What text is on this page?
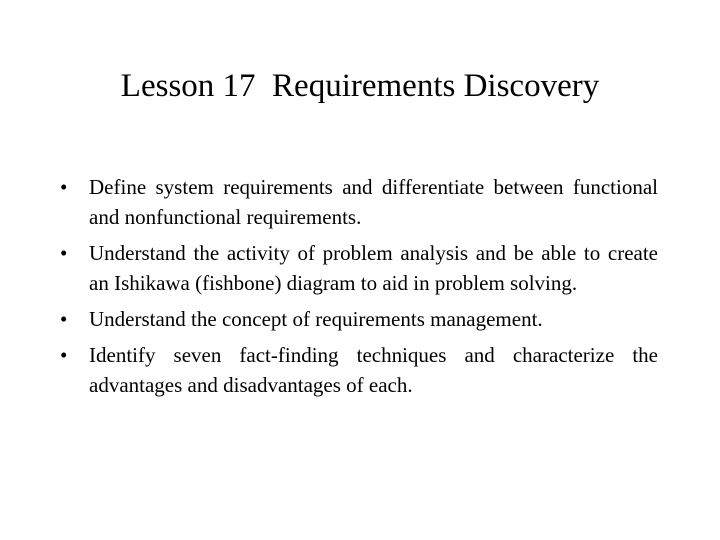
Lesson 17  Requirements Discovery
•	Define system requirements and differentiate between functional and nonfunctional requirements.
•	Understand the activity of problem analysis and be able to create an Ishikawa (fishbone) diagram to aid in problem solving.
•	Understand the concept of requirements management.
•	Identify seven fact-finding techniques and characterize the advantages and disadvantages of each.
